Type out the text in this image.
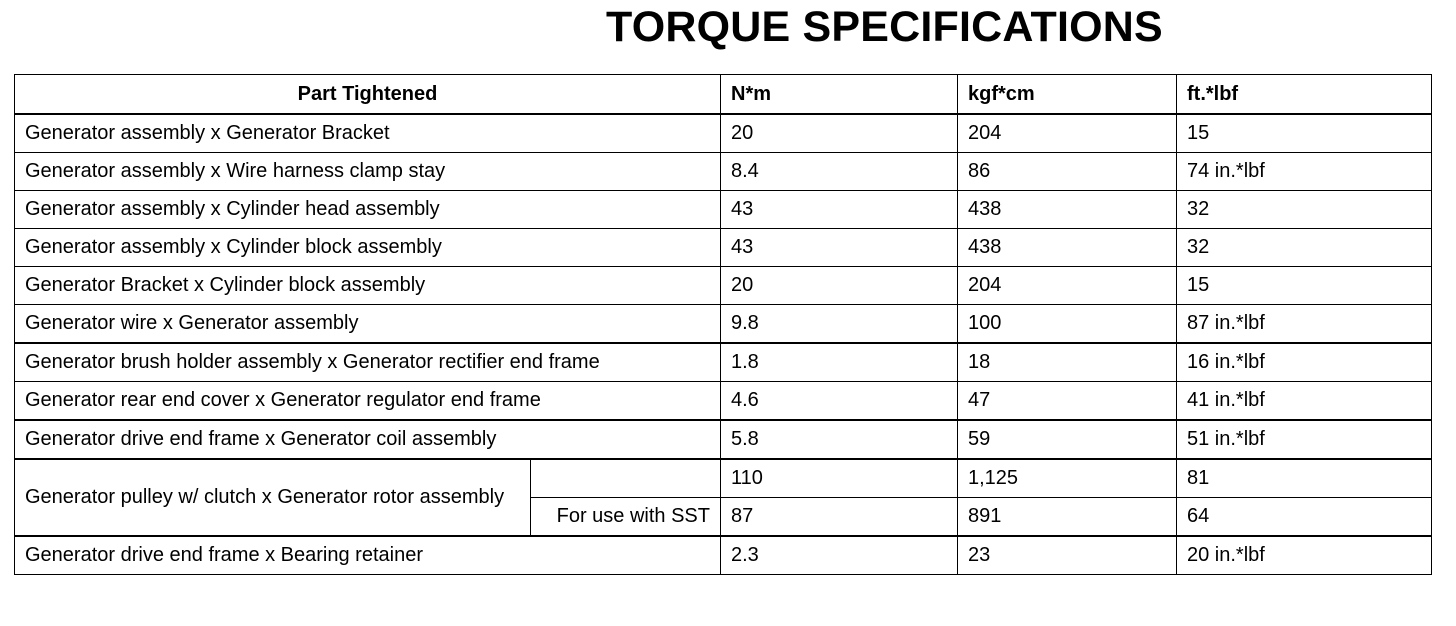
TORQUE SPECIFICATIONS
Part Tightened		N*m	kgf*cm	ft.*lbf
Generator assembly x Generator Bracket		20	204	15
Generator assembly x Wire harness clamp stay		8.4	86	74 in.*lbf
Generator assembly x Cylinder head assembly		43	438	32
Generator assembly x Cylinder block assembly		43	438	32
Generator Bracket x Cylinder block assembly		20	204	15
Generator wire x Generator assembly		9.8	100	87 in.*lbf
Generator brush holder assembly x Generator rectifier end frame		1.8	18	16 in.*lbf
Generator rear end cover x Generator regulator end frame		4.6	47	41 in.*lbf
Generator drive end frame x Generator coil assembly		5.8	59	51 in.*lbf
Generator pulley w/ clutch x Generator rotor assembly		110	1,125	81
	For use with SST	87	891	64
Generator drive end frame x Bearing retainer		2.3	23	20 in.*lbf
